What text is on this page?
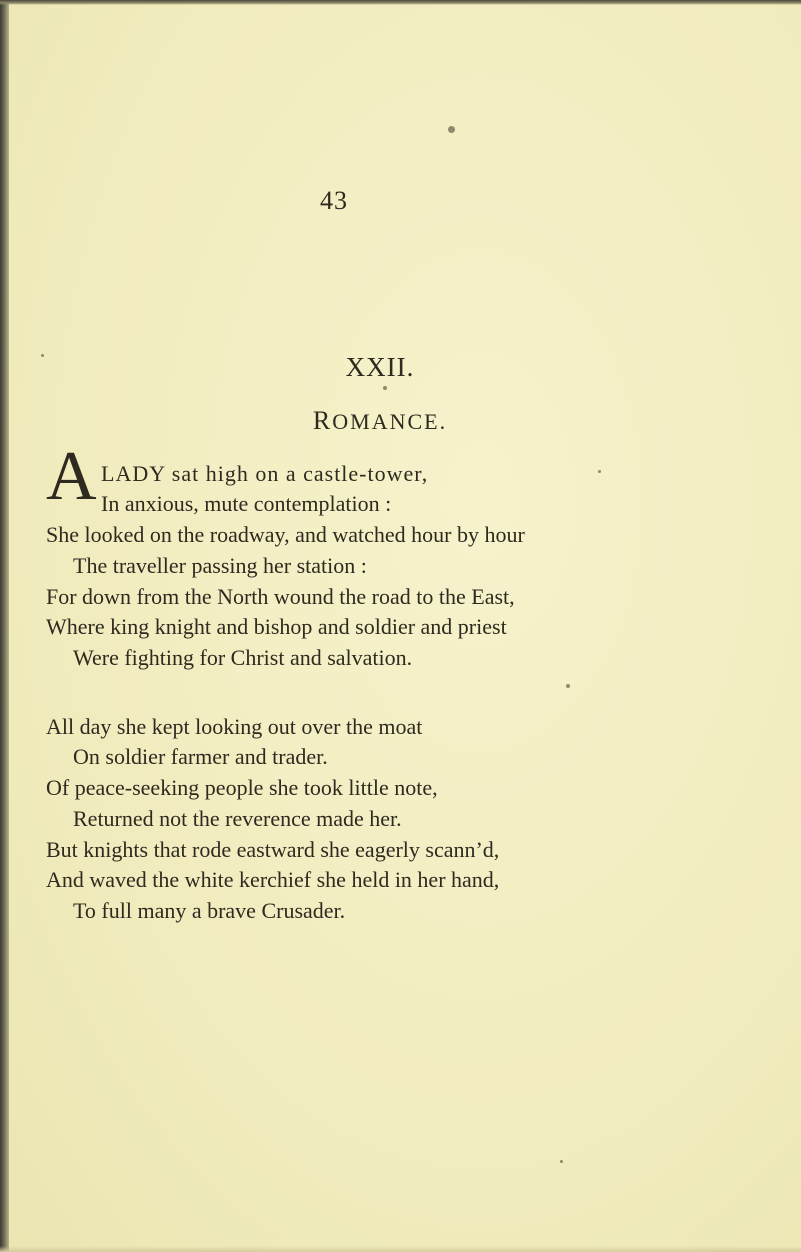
43
XXII.
ROMANCE.
A LADY sat high on a castle-tower,
In anxious, mute contemplation :
She looked on the roadway, and watched hour by hour
The traveller passing her station :
For down from the North wound the road to the East,
Where king knight and bishop and soldier and priest
Were fighting for Christ and salvation.
All day she kept looking out over the moat
On soldier farmer and trader.
Of peace-seeking people she took little note,
Returned not the reverence made her.
But knights that rode eastward she eagerly scann’d,
And waved the white kerchief she held in her hand,
To full many a brave Crusader.
